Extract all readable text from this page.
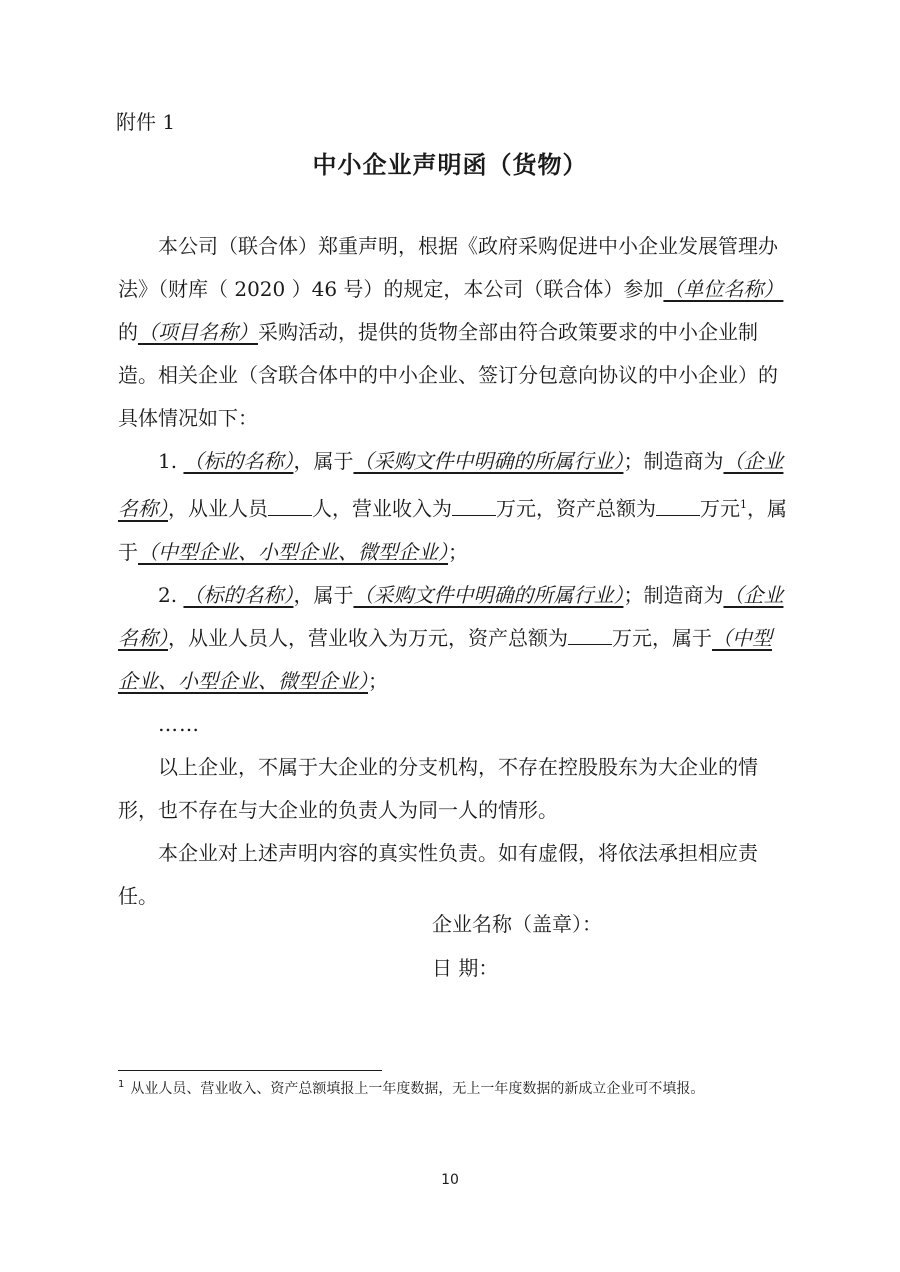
附件 1
中小企业声明函（货物）

本公司（联合体）郑重声明，根据《政府采购促进中小企业发展管理办法》（财库（ 2020 ）46 号）的规定，本公司（联合体）参加（单位名称）的（项目名称）采购活动，提供的货物全部由符合政策要求的中小企业制造。相关企业（含联合体中的中小企业、签订分包意向协议的中小企业）的具体情况如下：

1. （标的名称），属于（采购文件中明确的所属行业）；制造商为（企业名称），从业人员 人，营业收入为 万元，资产总额为 万元$^1$，属于（中型企业、小型企业、微型企业）；

2. （标的名称），属于（采购文件中明确的所属行业）；制造商为（企业名称），从业人员人，营业收入为万元，资产总额为 万元，属于（中型企业、小型企业、微型企业）；

……

以上企业，不属于大企业的分支机构，不存在控股股东为大企业的情形，也不存在与大企业的负责人为同一人的情形。

本企业对上述声明内容的真实性负责。如有虚假，将依法承担相应责任。

企业名称（盖章）：
日 期：
$^1$ 从业人员、营业收入、资产总额填报上一年度数据，无上一年度数据的新成立企业可不填报。
10
